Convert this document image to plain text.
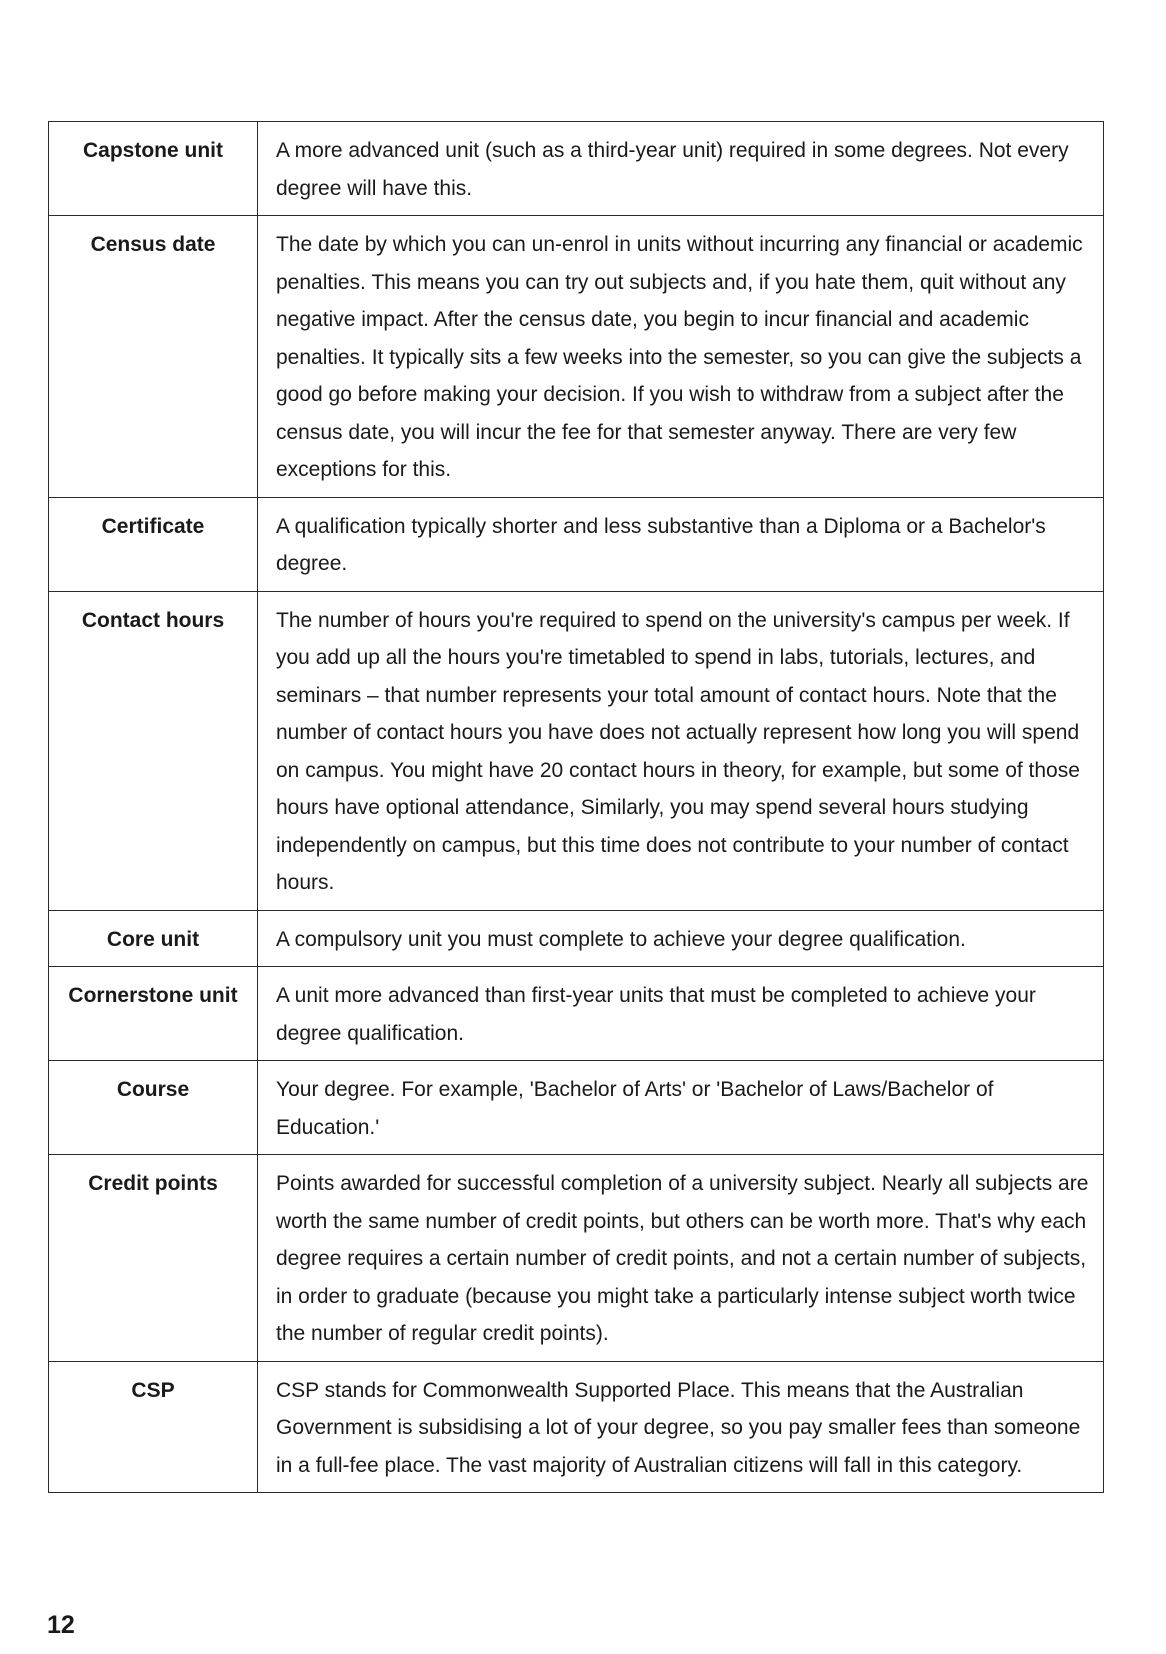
Capstone unit	A more advanced unit (such as a third-year unit) required in some degrees. Not every degree will have this.
Census date	The date by which you can un-enrol in units without incurring any financial or academic penalties. This means you can try out subjects and, if you hate them, quit without any negative impact. After the census date, you begin to incur financial and academic penalties. It typically sits a few weeks into the semester, so you can give the subjects a good go before making your decision. If you wish to withdraw from a subject after the census date, you will incur the fee for that semester anyway. There are very few exceptions for this.
Certificate	A qualification typically shorter and less substantive than a Diploma or a Bachelor's degree.
Contact hours	The number of hours you're required to spend on the university's campus per week. If you add up all the hours you're timetabled to spend in labs, tutorials, lectures, and seminars – that number represents your total amount of contact hours. Note that the number of contact hours you have does not actually represent how long you will spend on campus. You might have 20 contact hours in theory, for example, but some of those hours have optional attendance, Similarly, you may spend several hours studying independently on campus, but this time does not contribute to your number of contact hours.
Core unit	A compulsory unit you must complete to achieve your degree qualification.
Cornerstone unit	A unit more advanced than first-year units that must be completed to achieve your degree qualification.
Course	Your degree. For example, 'Bachelor of Arts' or 'Bachelor of Laws/Bachelor of Education.'
Credit points	Points awarded for successful completion of a university subject. Nearly all subjects are worth the same number of credit points, but others can be worth more. That's why each degree requires a certain number of credit points, and not a certain number of subjects, in order to graduate (because you might take a particularly intense subject worth twice the number of regular credit points).
CSP	CSP stands for Commonwealth Supported Place. This means that the Australian Government is subsidising a lot of your degree, so you pay smaller fees than someone in a full-fee place. The vast majority of Australian citizens will fall in this category.
12
